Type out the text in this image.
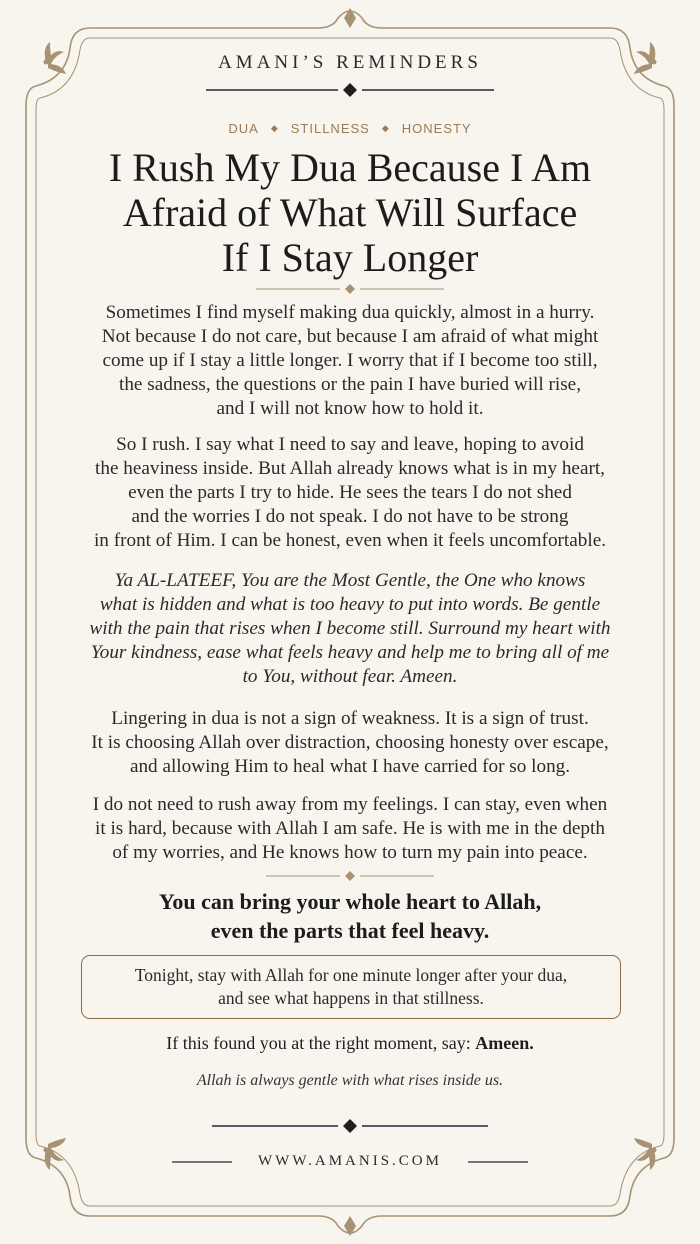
AMANI’S REMINDERS
DUA ◆ STILLNESS ◆ HONESTY
I Rush My Dua Because I Am
Afraid of What Will Surface
If I Stay Longer
Sometimes I find myself making dua quickly, almost in a hurry.
Not because I do not care, but because I am afraid of what might
come up if I stay a little longer. I worry that if I become too still,
the sadness, the questions or the pain I have buried will rise,
and I will not know how to hold it.
So I rush. I say what I need to say and leave, hoping to avoid
the heaviness inside. But Allah already knows what is in my heart,
even the parts I try to hide. He sees the tears I do not shed
and the worries I do not speak. I do not have to be strong
in front of Him. I can be honest, even when it feels uncomfortable.
Ya AL-LATEEF, You are the Most Gentle, the One who knows
what is hidden and what is too heavy to put into words. Be gentle
with the pain that rises when I become still. Surround my heart with
Your kindness, ease what feels heavy and help me to bring all of me
to You, without fear. Ameen.
Lingering in dua is not a sign of weakness. It is a sign of trust.
It is choosing Allah over distraction, choosing honesty over escape,
and allowing Him to heal what I have carried for so long.
I do not need to rush away from my feelings. I can stay, even when
it is hard, because with Allah I am safe. He is with me in the depth
of my worries, and He knows how to turn my pain into peace.
You can bring your whole heart to Allah,
even the parts that feel heavy.
Tonight, stay with Allah for one minute longer after your dua,
and see what happens in that stillness.
If this found you at the right moment, say: Ameen.
Allah is always gentle with what rises inside us.
WWW.AMANIS.COM
